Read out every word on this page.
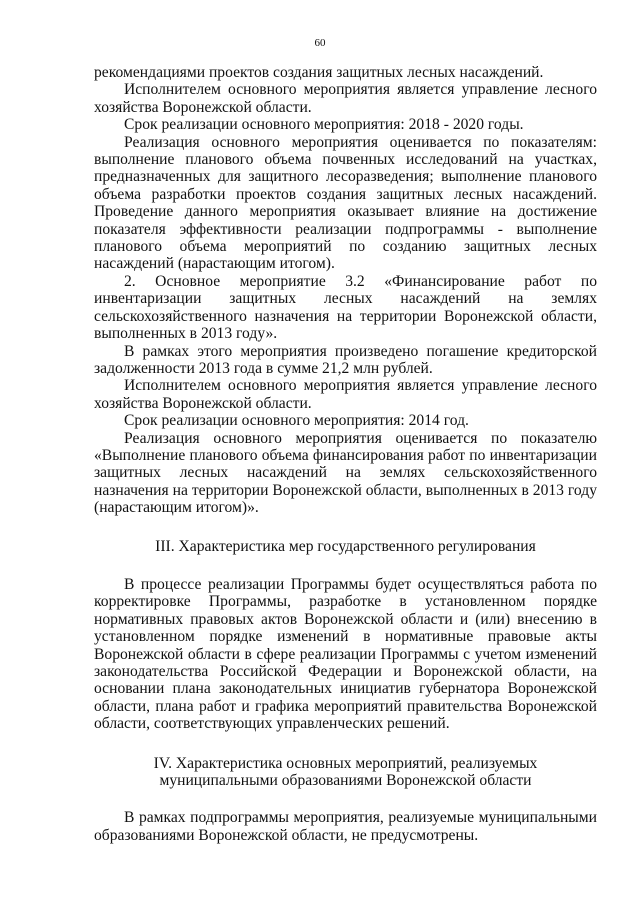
60

рекомендациями проектов создания защитных лесных насаждений.

Исполнителем основного мероприятия является управление лесного хозяйства Воронежской области.

Срок реализации основного мероприятия: 2018 - 2020 годы.

Реализация основного мероприятия оценивается по показателям: выполнение планового объема почвенных исследований на участках, предназначенных для защитного лесоразведения; выполнение планового объема разработки проектов создания защитных лесных насаждений. Проведение данного мероприятия оказывает влияние на достижение показателя эффективности реализации подпрограммы - выполнение планового объема мероприятий по созданию защитных лесных насаждений (нарастающим итогом).

2. Основное мероприятие 3.2 «Финансирование работ по инвентаризации защитных лесных насаждений на землях сельскохозяйственного назначения на территории Воронежской области, выполненных в 2013 году».

В рамках этого мероприятия произведено погашение кредиторской задолженности 2013 года в сумме 21,2 млн рублей.

Исполнителем основного мероприятия является управление лесного хозяйства Воронежской области.

Срок реализации основного мероприятия: 2014 год.

Реализация основного мероприятия оценивается по показателю «Выполнение планового объема финансирования работ по инвентаризации защитных лесных насаждений на землях сельскохозяйственного назначения на территории Воронежской области, выполненных в 2013 году (нарастающим итогом)».

III. Характеристика мер государственного регулирования

В процессе реализации Программы будет осуществляться работа по корректировке Программы, разработке в установленном порядке нормативных правовых актов Воронежской области и (или) внесению в установленном порядке изменений в нормативные правовые акты Воронежской области в сфере реализации Программы с учетом изменений законодательства Российской Федерации и Воронежской области, на основании плана законодательных инициатив губернатора Воронежской области, плана работ и графика мероприятий правительства Воронежской области, соответствующих управленческих решений.

IV. Характеристика основных мероприятий, реализуемых

муниципальными образованиями Воронежской области

В рамках подпрограммы мероприятия, реализуемые муниципальными образованиями Воронежской области, не предусмотрены.
